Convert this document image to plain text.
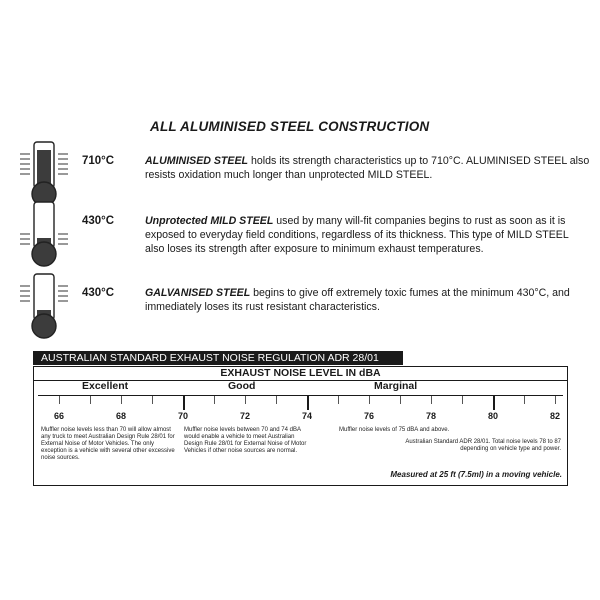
ALL ALUMINISED STEEL CONSTRUCTION
710°C	ALUMINISED STEEL holds its strength characteristics up to 710°C. ALUMINISED STEEL also resists oxidation much longer than unprotected MILD STEEL.
430°C	Unprotected MILD STEEL used by many will-fit companies begins to rust as soon as it is exposed to everyday field conditions, regardless of its thickness. This type of MILD STEEL also loses its strength after exposure to minimum exhaust temperatures.
430°C	GALVANISED STEEL begins to give off extremely toxic fumes at the minimum 430°C, and immediately loses its rust resistant characteristics.
AUSTRALIAN STANDARD EXHAUST NOISE REGULATION ADR 28/01
EXHAUST NOISE LEVEL IN dBA
Excellent	Good	Marginal
66	68	70	72	74	76	78	80	82
Muffler noise levels less than 70 will allow almost any truck to meet Australian Design Rule 28/01 for External Noise of Motor Vehicles. The only exception is a vehicle with several other excessive noise sources.
Muffler noise levels between 70 and 74 dBA would enable a vehicle to meet Australian Design Rule 28/01 for External Noise of Motor Vehicles if other noise sources are normal.
Muffler noise levels of 75 dBA and above.
Australian Standard ADR 28/01. Total noise levels 78 to 87 depending on vehicle type and power.
Measured at 25 ft (7.5ml) in a moving vehicle.
